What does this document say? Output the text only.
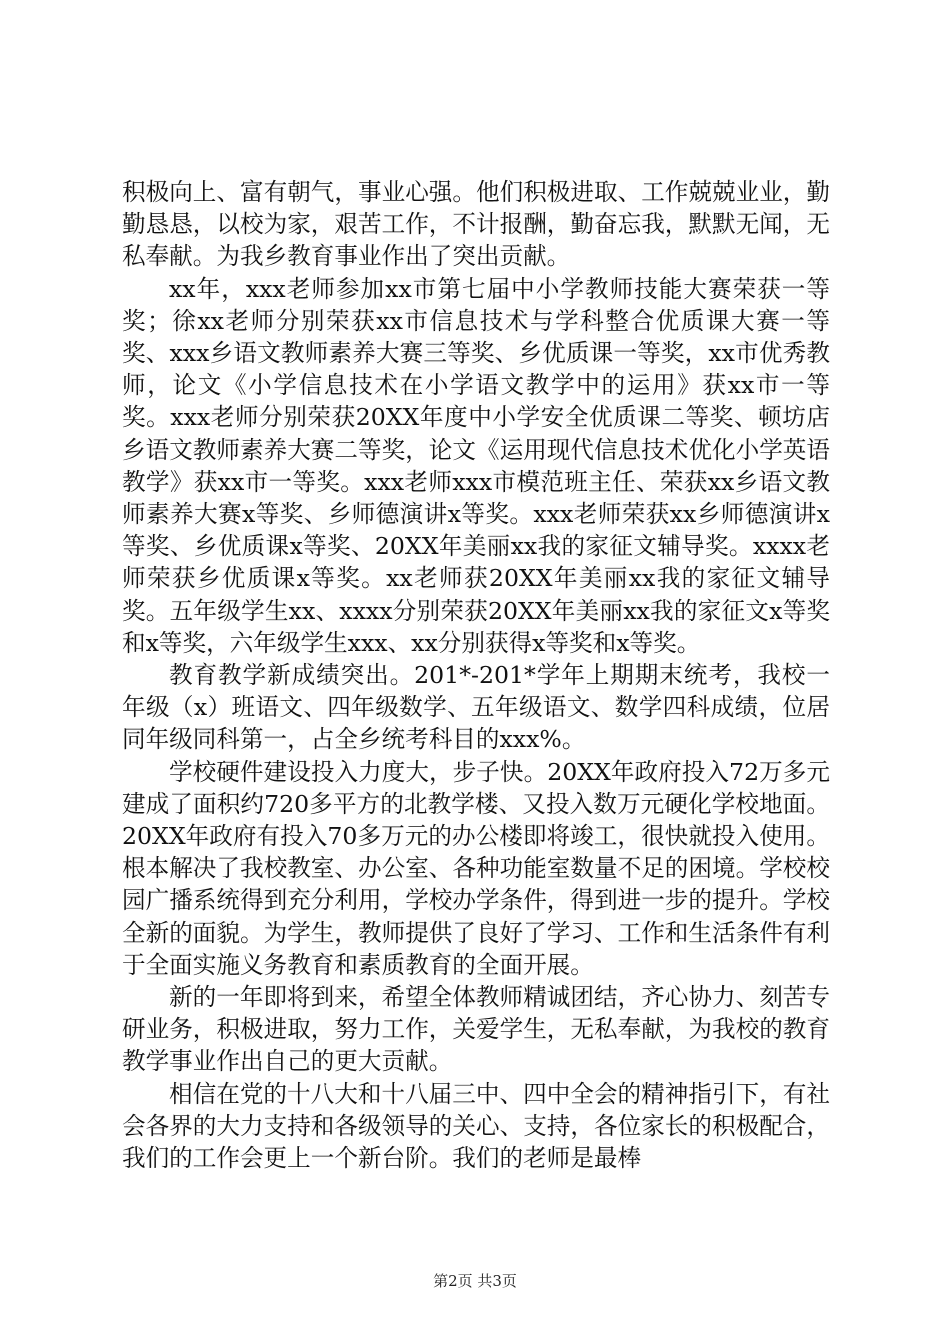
积极向上、富有朝气，事业心强。他们积极进取、工作兢兢业业，勤勤恳恳，以校为家，艰苦工作，不计报酬，勤奋忘我，默默无闻，无私奉献。为我乡教育事业作出了突出贡献。

xx年，xxx老师参加xx市第七届中小学教师技能大赛荣获一等奖；徐xx老师分别荣获xx市信息技术与学科整合优质课大赛一等奖、xxx乡语文教师素养大赛三等奖、乡优质课一等奖，xx市优秀教师，论文《小学信息技术在小学语文教学中的运用》获xx市一等奖。xxx老师分别荣获20XX年度中小学安全优质课二等奖、顿坊店乡语文教师素养大赛二等奖，论文《运用现代信息技术优化小学英语教学》获xx市一等奖。xxx老师xxx市模范班主任、荣获xx乡语文教师素养大赛x等奖、乡师德演讲x等奖。xxx老师荣获xx乡师德演讲x等奖、乡优质课x等奖、20XX年美丽xx我的家征文辅导奖。xxxx老师荣获乡优质课x等奖。xx老师获20XX年美丽xx我的家征文辅导奖。五年级学生xx、xxxx分别荣获20XX年美丽xx我的家征文x等奖和x等奖，六年级学生xxx、xx分别获得x等奖和x等奖。

教育教学新成绩突出。201*-201*学年上期期末统考，我校一年级（x）班语文、四年级数学、五年级语文、数学四科成绩，位居同年级同科第一，占全乡统考科目的xxx%。

学校硬件建设投入力度大，步子快。20XX年政府投入72万多元建成了面积约720多平方的北教学楼、又投入数万元硬化学校地面。20XX年政府有投入70多万元的办公楼即将竣工，很快就投入使用。根本解决了我校教室、办公室、各种功能室数量不足的困境。学校校园广播系统得到充分利用，学校办学条件，得到进一步的提升。学校全新的面貌。为学生，教师提供了良好了学习、工作和生活条件有利于全面实施义务教育和素质教育的全面开展。

新的一年即将到来，希望全体教师精诚团结，齐心协力、刻苦专研业务，积极进取，努力工作，关爱学生，无私奉献，为我校的教育教学事业作出自己的更大贡献。

相信在党的十八大和十八届三中、四中全会的精神指引下，有社会各界的大力支持和各级领导的关心、支持，各位家长的积极配合，我们的工作会更上一个新台阶。我们的老师是最棒

第2页 共3页
